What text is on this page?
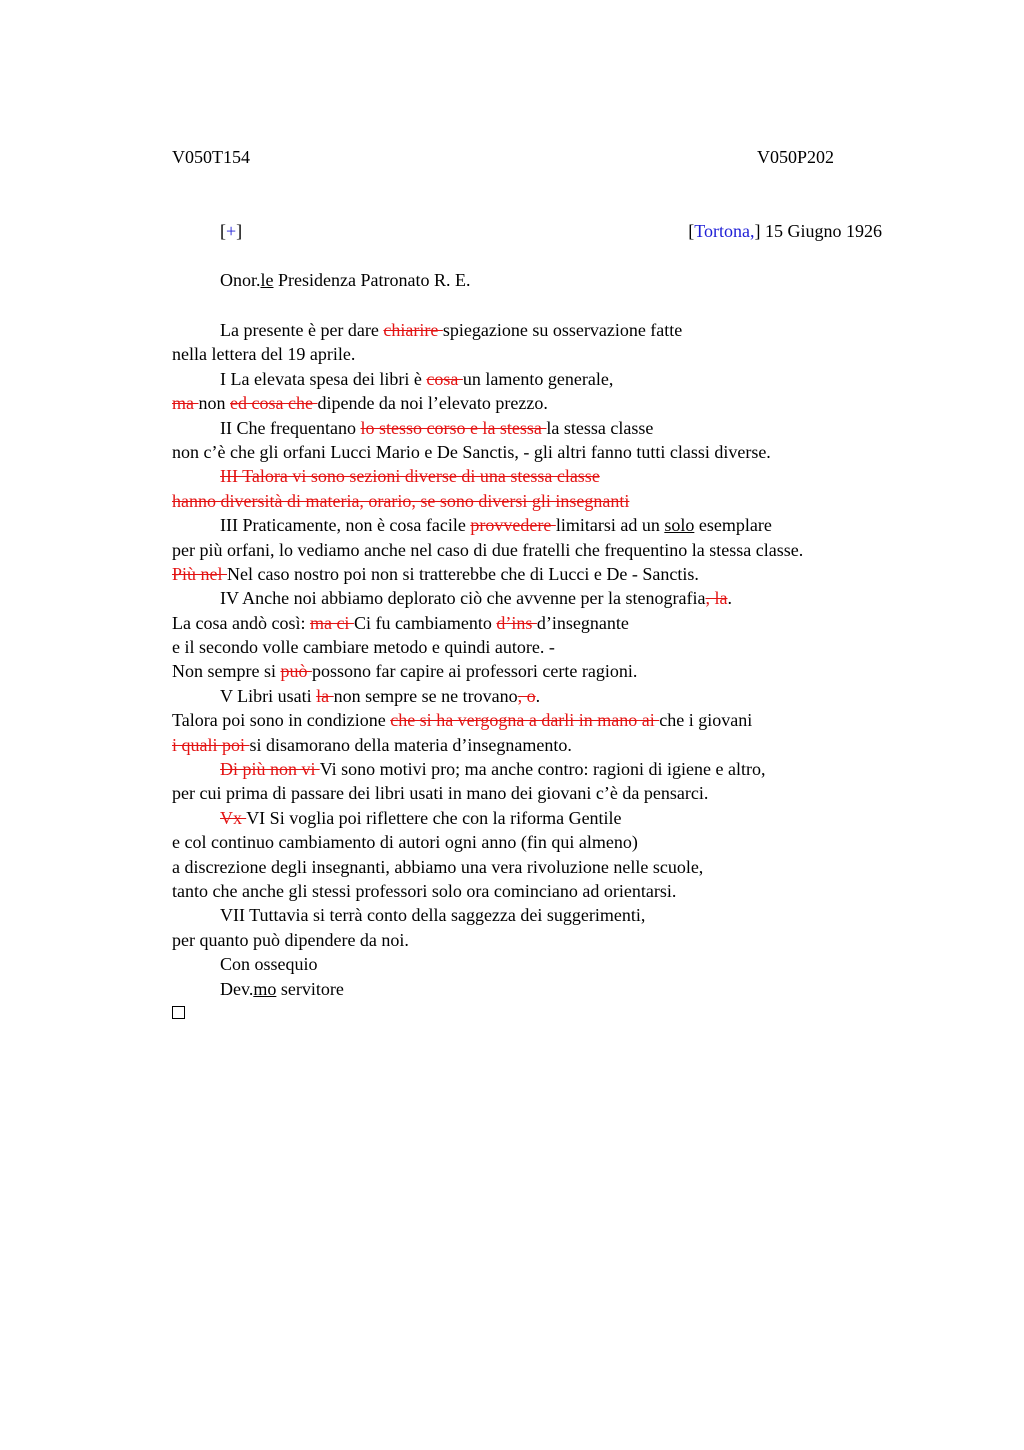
V050T154	V050P202
[+]	[Tortona,] 15 Giugno 1926
Onor.le Presidenza Patronato R. E.
La presente è per dare chiarire spiegazione su osservazione fatte
nella lettera del 19 aprile.
I La elevata spesa dei libri è cosa un lamento generale,
ma non ed cosa che dipende da noi l’elevato prezzo.
II Che frequentano lo stesso corso e la stessa la stessa classe
non c’è che gli orfani Lucci Mario e De Sanctis, - gli altri fanno tutti classi diverse.
III Talora vi sono sezioni diverse di una stessa classe
hanno diversità di materia, orario, se sono diversi gli insegnanti
III Praticamente, non è cosa facile provvedere limitarsi ad un solo esemplare
per più orfani, lo vediamo anche nel caso di due fratelli che frequentino la stessa classe.
Più nel Nel caso nostro poi non si tratterebbe che di Lucci e De - Sanctis.
IV Anche noi abbiamo deplorato ciò che avvenne per la stenografia, la.
La cosa andò così: ma ci Ci fu cambiamento d’ins d’insegnante
e il secondo volle cambiare metodo e quindi autore. -
Non sempre si può possono far capire ai professori certe ragioni.
V Libri usati la non sempre se ne trovano, o.
Talora poi sono in condizione che si ha vergogna a darli in mano ai che i giovani
i quali poi si disamorano della materia d’insegnamento.
Di più non vi Vi sono motivi pro; ma anche contro: ragioni di igiene e altro,
per cui prima di passare dei libri usati in mano dei giovani c’è da pensarci.
Vx VI Si voglia poi riflettere che con la riforma Gentile
e col continuo cambiamento di autori ogni anno (fin qui almeno)
a discrezione degli insegnanti, abbiamo una vera rivoluzione nelle scuole,
tanto che anche gli stessi professori solo ora cominciano ad orientarsi.
VII Tuttavia si terrà conto della saggezza dei suggerimenti,
per quanto può dipendere da noi.
Con ossequio
Dev.mo servitore
